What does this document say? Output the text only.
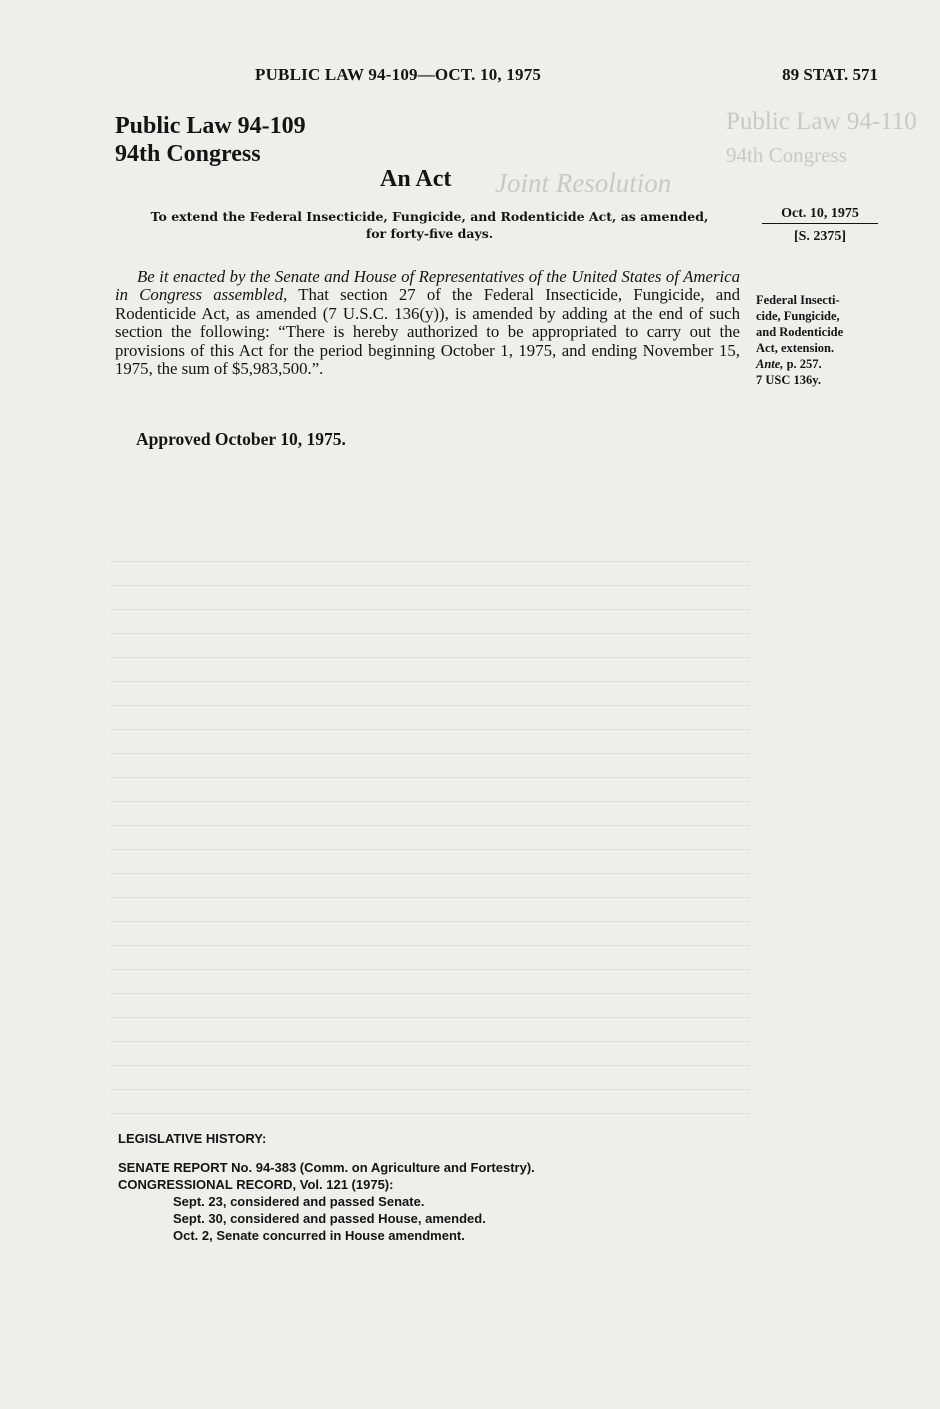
Public Law 94-110
94th Congress
Joint Resolution
PUBLIC LAW 94-109—OCT. 10, 1975	89 STAT. 571
Public Law 94-109
94th Congress
An Act
To extend the Federal Insecticide, Fungicide, and Rodenticide Act, as amended,
for forty-five days.
Oct. 10, 1975
[S. 2375]
Be it enacted by the Senate and House of Representatives of the United States of America in Congress assembled, That section 27 of the Federal Insecticide, Fungicide, and Rodenticide Act, as amended (7 U.S.C. 136(y)), is amended by adding at the end of such section the following: “There is hereby authorized to be appropriated to carry out the provisions of this Act for the period beginning October 1, 1975, and ending November 15, 1975, the sum of $5,983,500.”.
Federal Insecti-
cide, Fungicide,
and Rodenticide
Act, extension.
Ante, p. 257.
7 USC 136y.
Approved October 10, 1975.
LEGISLATIVE HISTORY:
SENATE REPORT No. 94-383 (Comm. on Agriculture and Fortestry).
CONGRESSIONAL RECORD, Vol. 121 (1975):
Sept. 23, considered and passed Senate.
Sept. 30, considered and passed House, amended.
Oct. 2, Senate concurred in House amendment.
